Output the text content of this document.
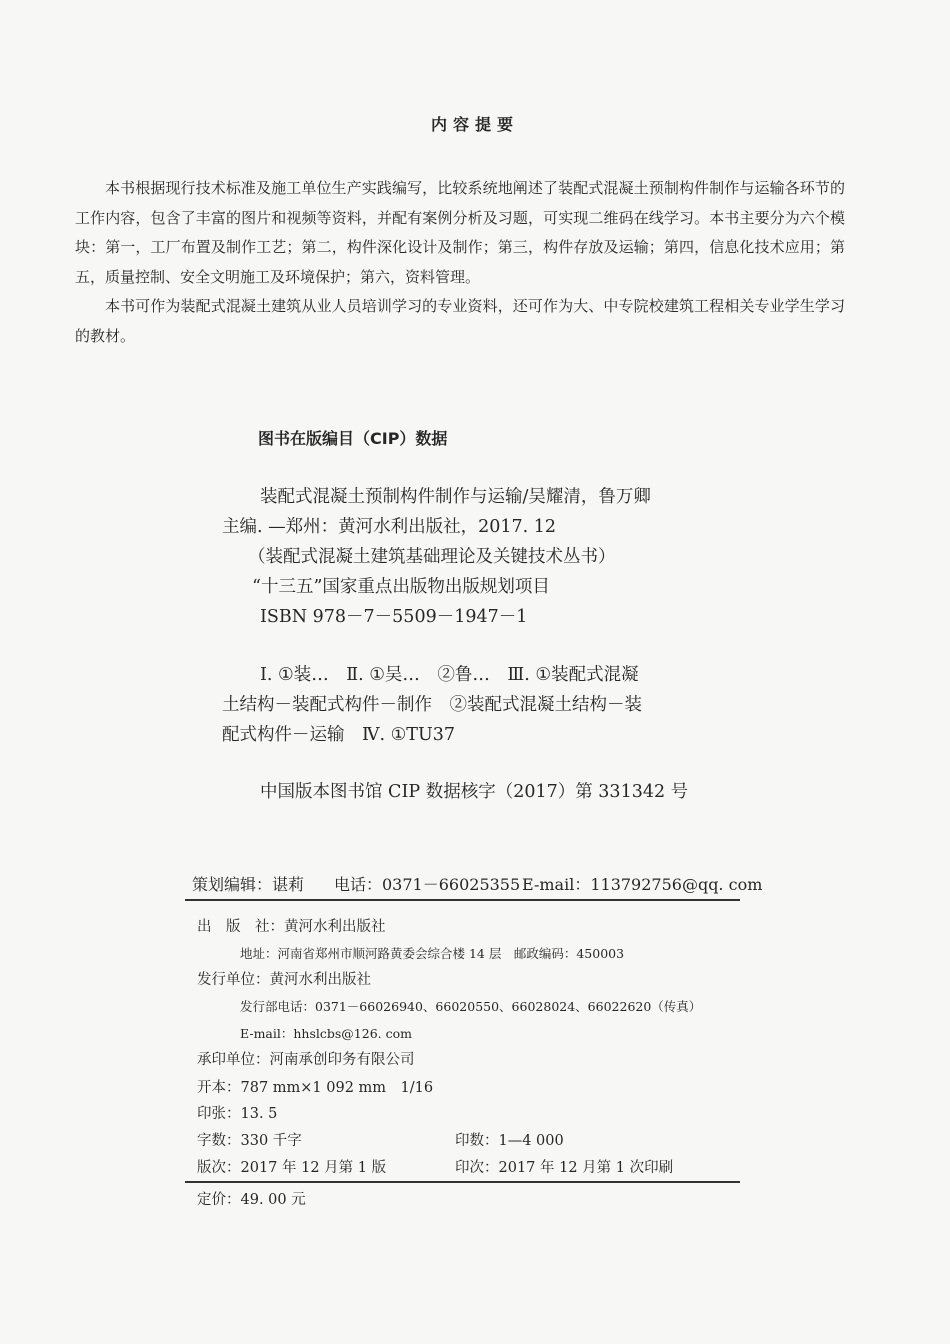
内容提要

本书根据现行技术标准及施工单位生产实践编写，比较系统地阐述了装配式混凝土预制构件制作与运输各环节的工作内容，包含了丰富的图片和视频等资料，并配有案例分析及习题，可实现二维码在线学习。本书主要分为六个模块：第一，工厂布置及制作工艺；第二，构件深化设计及制作；第三，构件存放及运输；第四，信息化技术应用；第五，质量控制、安全文明施工及环境保护；第六，资料管理。

本书可作为装配式混凝土建筑从业人员培训学习的专业资料，还可作为大、中专院校建筑工程相关专业学生学习的教材。

图书在版编目（CIP）数据
装配式混凝土预制构件制作与运输/吴耀清，鲁万卿
主编. —郑州：黄河水利出版社，2017. 12
（装配式混凝土建筑基础理论及关键技术丛书）
“十三五”国家重点出版物出版规划项目
ISBN 978－7－5509－1947－1
Ⅰ. ①装…　Ⅱ. ①吴…　②鲁…　Ⅲ. ①装配式混凝
土结构－装配式构件－制作　②装配式混凝土结构－装
配式构件－运输　Ⅳ. ①TU37
中国版本图书馆 CIP 数据核字（2017）第 331342 号
策划编辑：谌莉 电话：0371－66025355 E-mail：113792756@qq. com
出　版　社：黄河水利出版社
地址：河南省郑州市顺河路黄委会综合楼 14 层　邮政编码：450003
发行单位：黄河水利出版社
发行部电话：0371－66026940、66020550、66028024、66022620（传真）
E-mail：hhslcbs@126. com
承印单位：河南承创印务有限公司
开本：787 mm×1 092 mm　1/16
印张：13. 5
字数：330 千字	印数：1—4 000
版次：2017 年 12 月第 1 版	印次：2017 年 12 月第 1 次印刷
定价：49. 00 元
